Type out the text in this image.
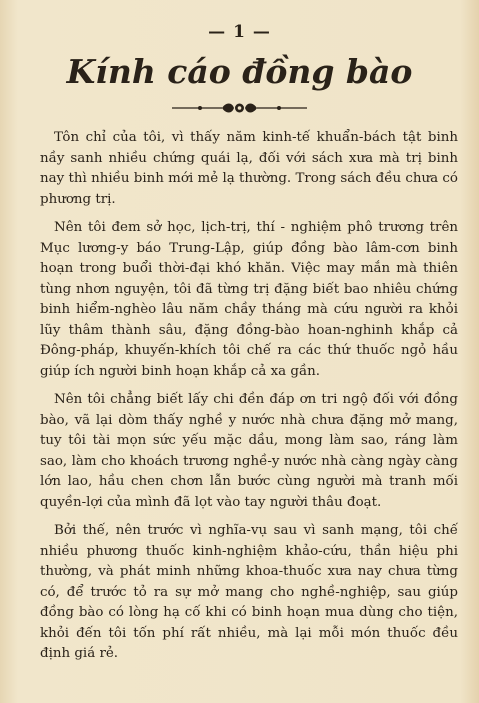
— 1 —
Kính cáo đồng bào

Tôn chỉ của tôi, vì thấy năm kinh-tế khuẩn-bách tật binh nầy sanh nhiều chứng quái lạ, đối với sách xưa mà trị binh nay thì nhiều binh mới mẻ lạ thường. Trong sách đều chưa có phương trị.

Nên tôi đem sở học, lịch-trị, thí - nghiệm phô trương trên Mục lương-y báo Trung-Lập, giúp đồng bào lâm-cơn binh hoạn trong buổi thời-đại khó khăn. Việc may mắn mà thiên tùng nhơn nguyện, tôi đã từng trị đặng biết bao nhiêu chứng binh hiểm-nghèo lâu năm chầy tháng mà cứu người ra khỏi lũy thâm thành sâu, đặng đồng-bào hoan-nghinh khắp cả Đông-pháp, khuyến-khích tôi chế ra các thứ thuốc ngỏ hầu giúp ích người binh hoạn khắp cả xa gần.

Nên tôi chẳng biết lấy chi đền đáp ơn tri ngộ đối với đồng bào, vã lại dòm thấy nghề y nước nhà chưa đặng mở mang, tuy tôi tài mọn sức yếu mặc dầu, mong làm sao, ráng làm sao, làm cho khoách trương nghề-y nước nhà càng ngày càng lớn lao, hầu chen chơn lẫn bước cùng người mà tranh mối quyền-lợi của mình đã lọt vào tay người thâu đoạt.

Bởi thế, nên trước vì nghĩa-vụ sau vì sanh mạng, tôi chế nhiều phương thuốc kinh-nghiệm khảo-cứu, thần hiệu phi thường, và phát minh những khoa-thuốc xưa nay chưa từng có, để trước tỏ ra sự mở mang cho nghề-nghiệp, sau giúp đồng bào có lòng hạ cố khi có binh hoạn mua dùng cho tiện, khỏi đến tôi tốn phí rất nhiều, mà lại mỗi món thuốc đều định giá rẻ.
